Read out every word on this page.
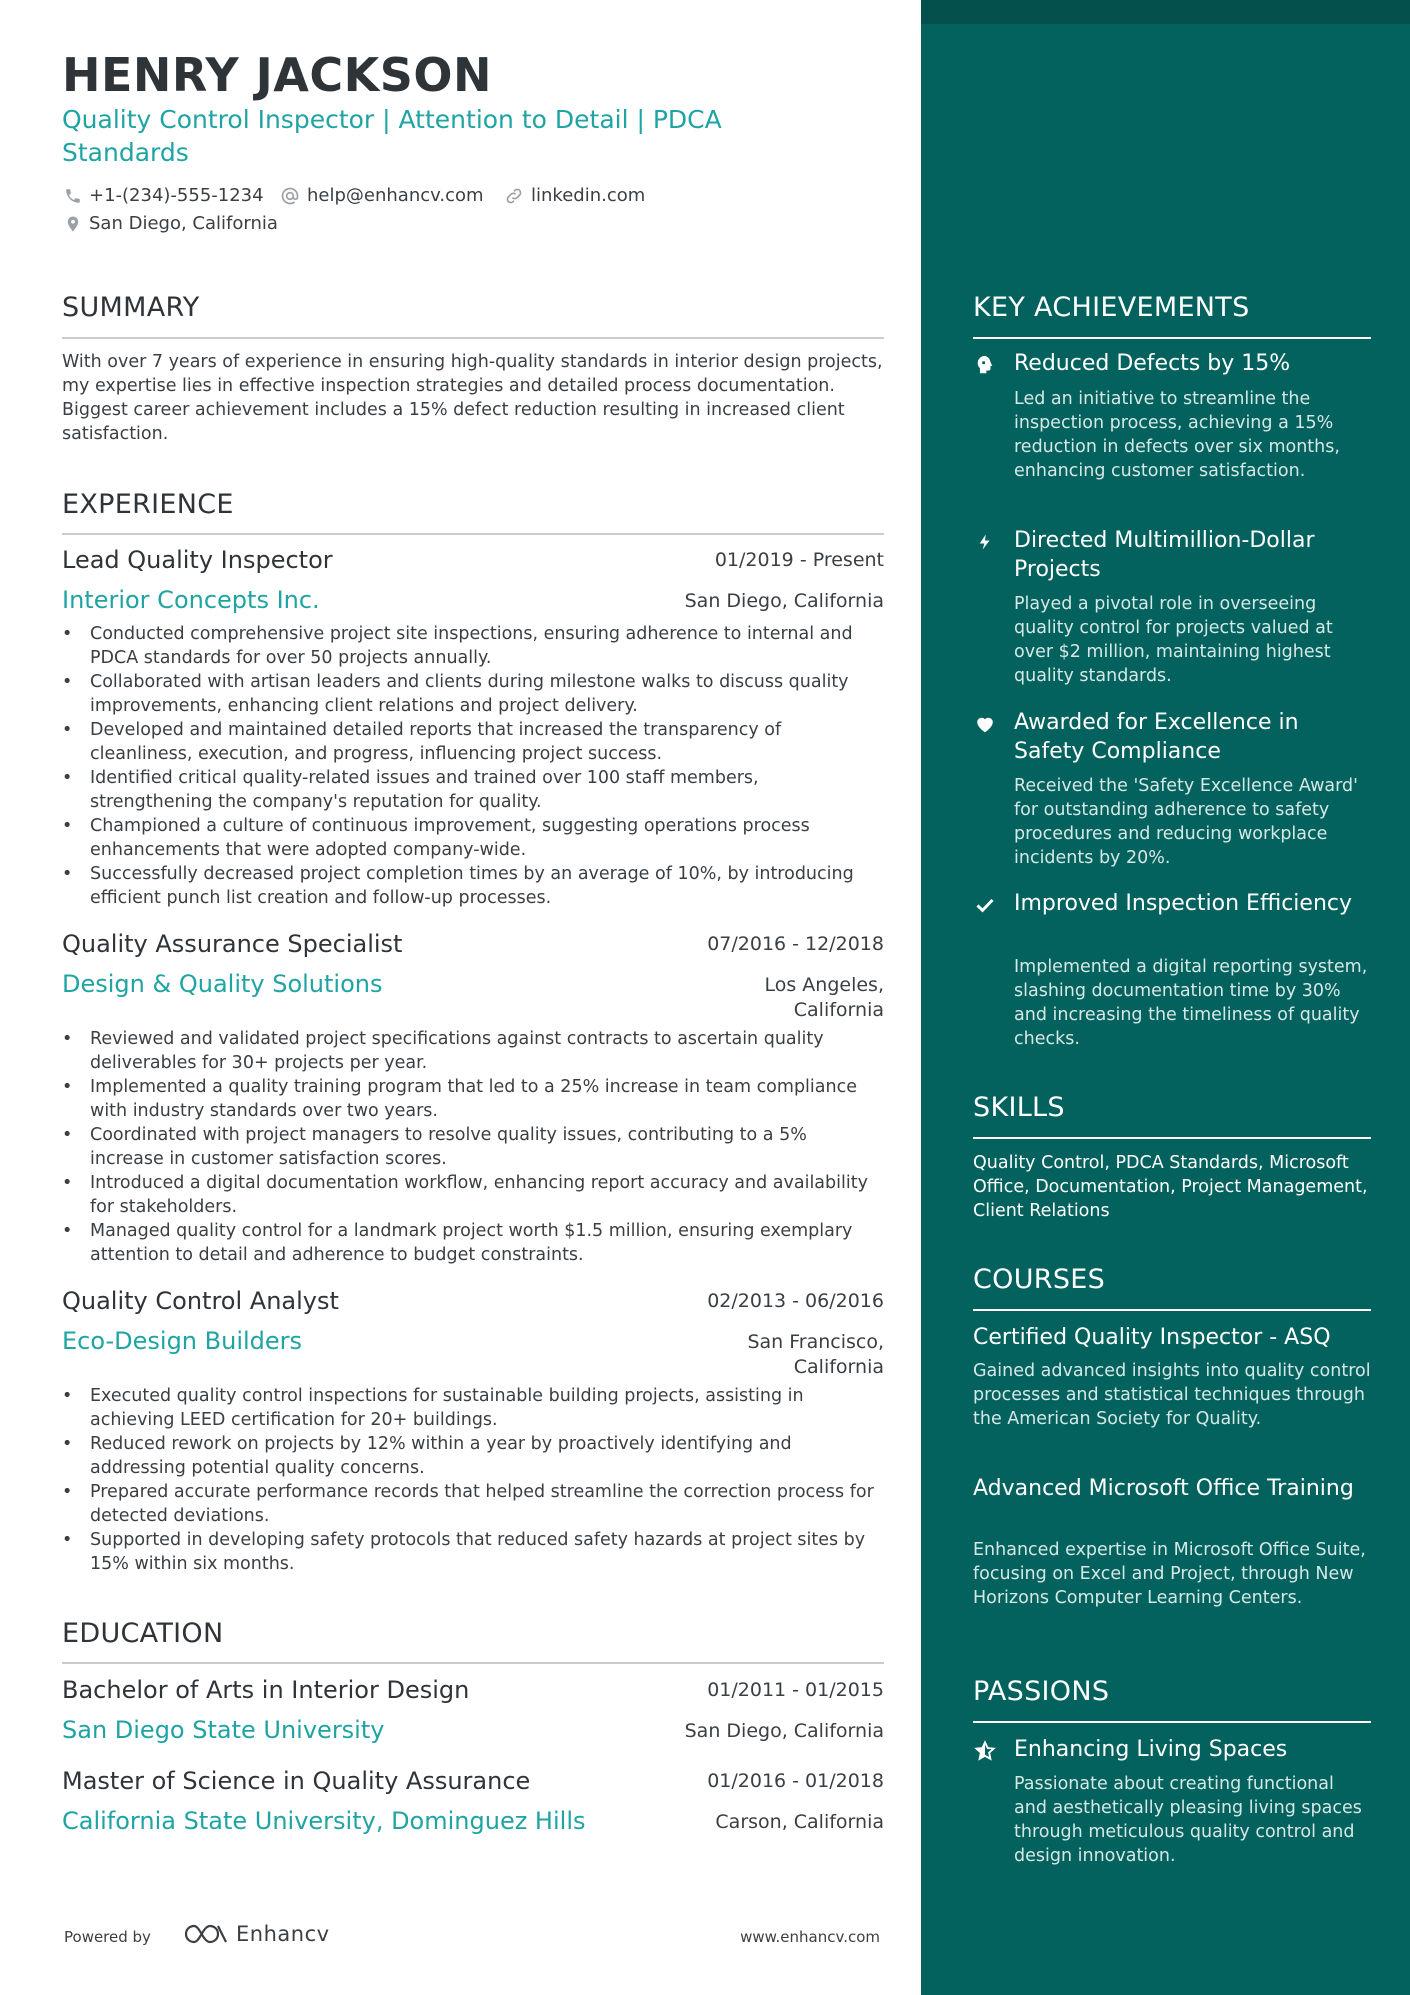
HENRY JACKSON
Quality Control Inspector | Attention to Detail | PDCA Standards
+1-(234)-555-1234 help@enhancv.com	linkedin.com
San Diego, California
SUMMARY
With over 7 years of experience in ensuring high-quality standards in interior design projects, my expertise lies in effective inspection strategies and detailed process documentation. Biggest career achievement includes a 15% defect reduction resulting in increased client satisfaction.
EXPERIENCE
Lead Quality Inspector	01/2019 - Present
Interior Concepts Inc.	San Diego, California
• Conducted comprehensive project site inspections, ensuring adherence to internal and PDCA standards for over 50 projects annually.
• Collaborated with artisan leaders and clients during milestone walks to discuss quality improvements, enhancing client relations and project delivery.
• Developed and maintained detailed reports that increased the transparency of cleanliness, execution, and progress, influencing project success.
• Identified critical quality-related issues and trained over 100 staff members, strengthening the company's reputation for quality.
• Championed a culture of continuous improvement, suggesting operations process enhancements that were adopted company-wide.
• Successfully decreased project completion times by an average of 10%, by introducing efficient punch list creation and follow-up processes.
Quality Assurance Specialist	07/2016 - 12/2018
Design & Quality Solutions	Los Angeles,
California
• Reviewed and validated project specifications against contracts to ascertain quality deliverables for 30+ projects per year.
• Implemented a quality training program that led to a 25% increase in team compliance with industry standards over two years.
• Coordinated with project managers to resolve quality issues, contributing to a 5% increase in customer satisfaction scores.
• Introduced a digital documentation workflow, enhancing report accuracy and availability for stakeholders.
• Managed quality control for a landmark project worth $1.5 million, ensuring exemplary attention to detail and adherence to budget constraints.
Quality Control Analyst	02/2013 - 06/2016
Eco-Design Builders	San Francisco,
California
• Executed quality control inspections for sustainable building projects, assisting in achieving LEED certification for 20+ buildings.
• Reduced rework on projects by 12% within a year by proactively identifying and addressing potential quality concerns.
• Prepared accurate performance records that helped streamline the correction process for detected deviations.
• Supported in developing safety protocols that reduced safety hazards at project sites by 15% within six months.
EDUCATION
Bachelor of Arts in Interior Design	01/2011 - 01/2015
San Diego State University	San Diego, California
Master of Science in Quality Assurance	01/2016 - 01/2018
California State University, Dominguez Hills	Carson, California
Powered by	Enhancv	www.enhancv.com
KEY ACHIEVEMENTS
Reduced Defects by 15%
Led an initiative to streamline the inspection process, achieving a 15% reduction in defects over six months, enhancing customer satisfaction.
Directed Multimillion-Dollar Projects
Played a pivotal role in overseeing quality control for projects valued at over $2 million, maintaining highest quality standards.
Awarded for Excellence in Safety Compliance
Received the 'Safety Excellence Award' for outstanding adherence to safety procedures and reducing workplace incidents by 20%.
Improved Inspection Efficiency
Implemented a digital reporting system, slashing documentation time by 30% and increasing the timeliness of quality checks.
SKILLS
Quality Control, PDCA Standards, Microsoft Office, Documentation, Project Management, Client Relations
COURSES
Certified Quality Inspector - ASQ
Gained advanced insights into quality control processes and statistical techniques through the American Society for Quality.
Advanced Microsoft Office Training
Enhanced expertise in Microsoft Office Suite, focusing on Excel and Project, through New Horizons Computer Learning Centers.
PASSIONS
Enhancing Living Spaces
Passionate about creating functional and aesthetically pleasing living spaces through meticulous quality control and design innovation.
